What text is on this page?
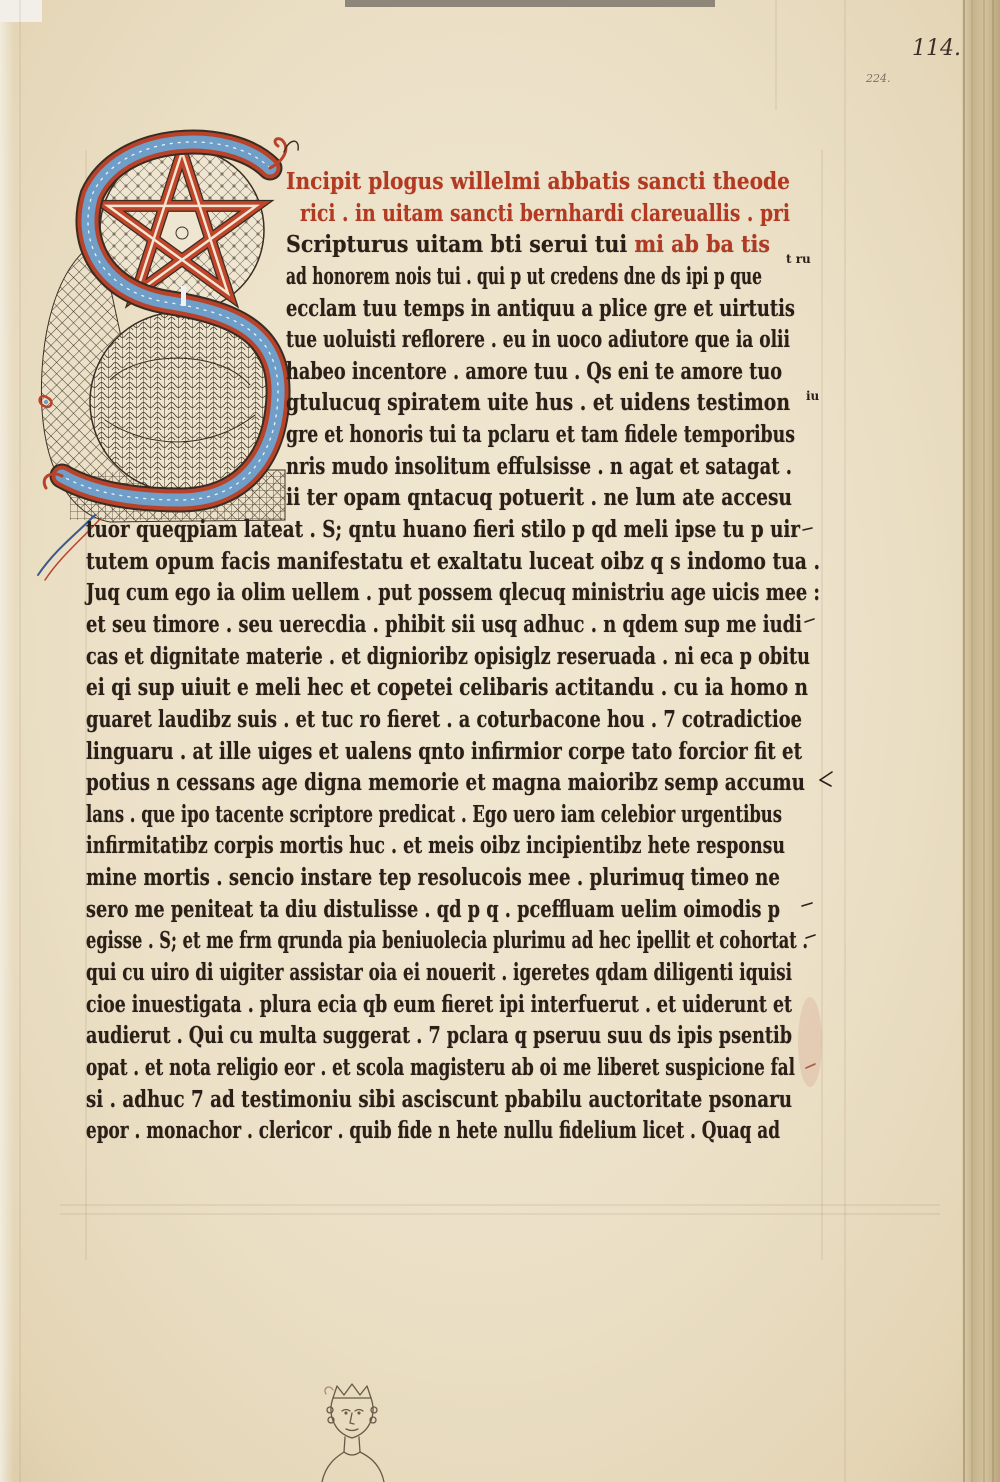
114.
224.
t ru
iu
Incipit plogus willelmi abbatis sancti theode
rici . in uitam sancti bernhardi clareuallis . pri
Scripturus uitam bti serui tui mi ab ba tis
ad honorem nois tui . qui p ut credens dne ds ipi p que
ecclam tuu temps in antiquu a plice gre et uirtutis
tue uoluisti reflorere . eu in uoco adiutore que ia olii
habeo incentore . amore tuu . Qs eni te amore tuo
gtulucuq spiratem uite hus . et uidens testimon
gre et honoris tui ta pclaru et tam fidele temporibus
nris mudo insolitum effulsisse . n agat et satagat .
ii ter opam qntacuq potuerit . ne lum ate accesu
tuor queqpiam lateat . S; qntu huano fieri stilo p qd meli ipse tu p uir
tutem opum facis manifestatu et exaltatu luceat oibz q s indomo tua .
Juq cum ego ia olim uellem . put possem qlecuq ministriu age uicis mee :
et seu timore . seu uerecdia . phibit sii usq adhuc . n qdem sup me iudi
cas et dignitate materie . et dignioribz opisiglz reseruada . ni eca p obitu
ei qi sup uiuit e meli hec et copetei celibaris actitandu . cu ia homo n
guaret laudibz suis . et tuc ro fieret . a coturbacone hou . 7 cotradictioe
linguaru . at ille uiges et ualens qnto infirmior corpe tato forcior fit et
potius n cessans age digna memorie et magna maioribz semp accumu
lans . que ipo tacente scriptore predicat . Ego uero iam celebior urgentibus
infirmitatibz corpis mortis huc . et meis oibz incipientibz hete responsu
mine mortis . sencio instare tep resolucois mee . plurimuq timeo ne
sero me peniteat ta diu distulisse . qd p q . pceffluam uelim oimodis p
egisse . S; et me frm qrunda pia beniuolecia plurimu ad hec ipellit et cohortat .
qui cu uiro di uigiter assistar oia ei nouerit . igeretes qdam diligenti iquisi
cioe inuestigata . plura ecia qb eum fieret ipi interfuerut . et uiderunt et
audierut . Qui cu multa suggerat . 7 pclara q pseruu suu ds ipis psentib
opat . et nota religio eor . et scola magisteru ab oi me liberet suspicione fal
si . adhuc 7 ad testimoniu sibi asciscunt pbabilu auctoritate psonaru
epor . monachor . clericor . quib fide n hete nullu fidelium licet . Quaq ad
